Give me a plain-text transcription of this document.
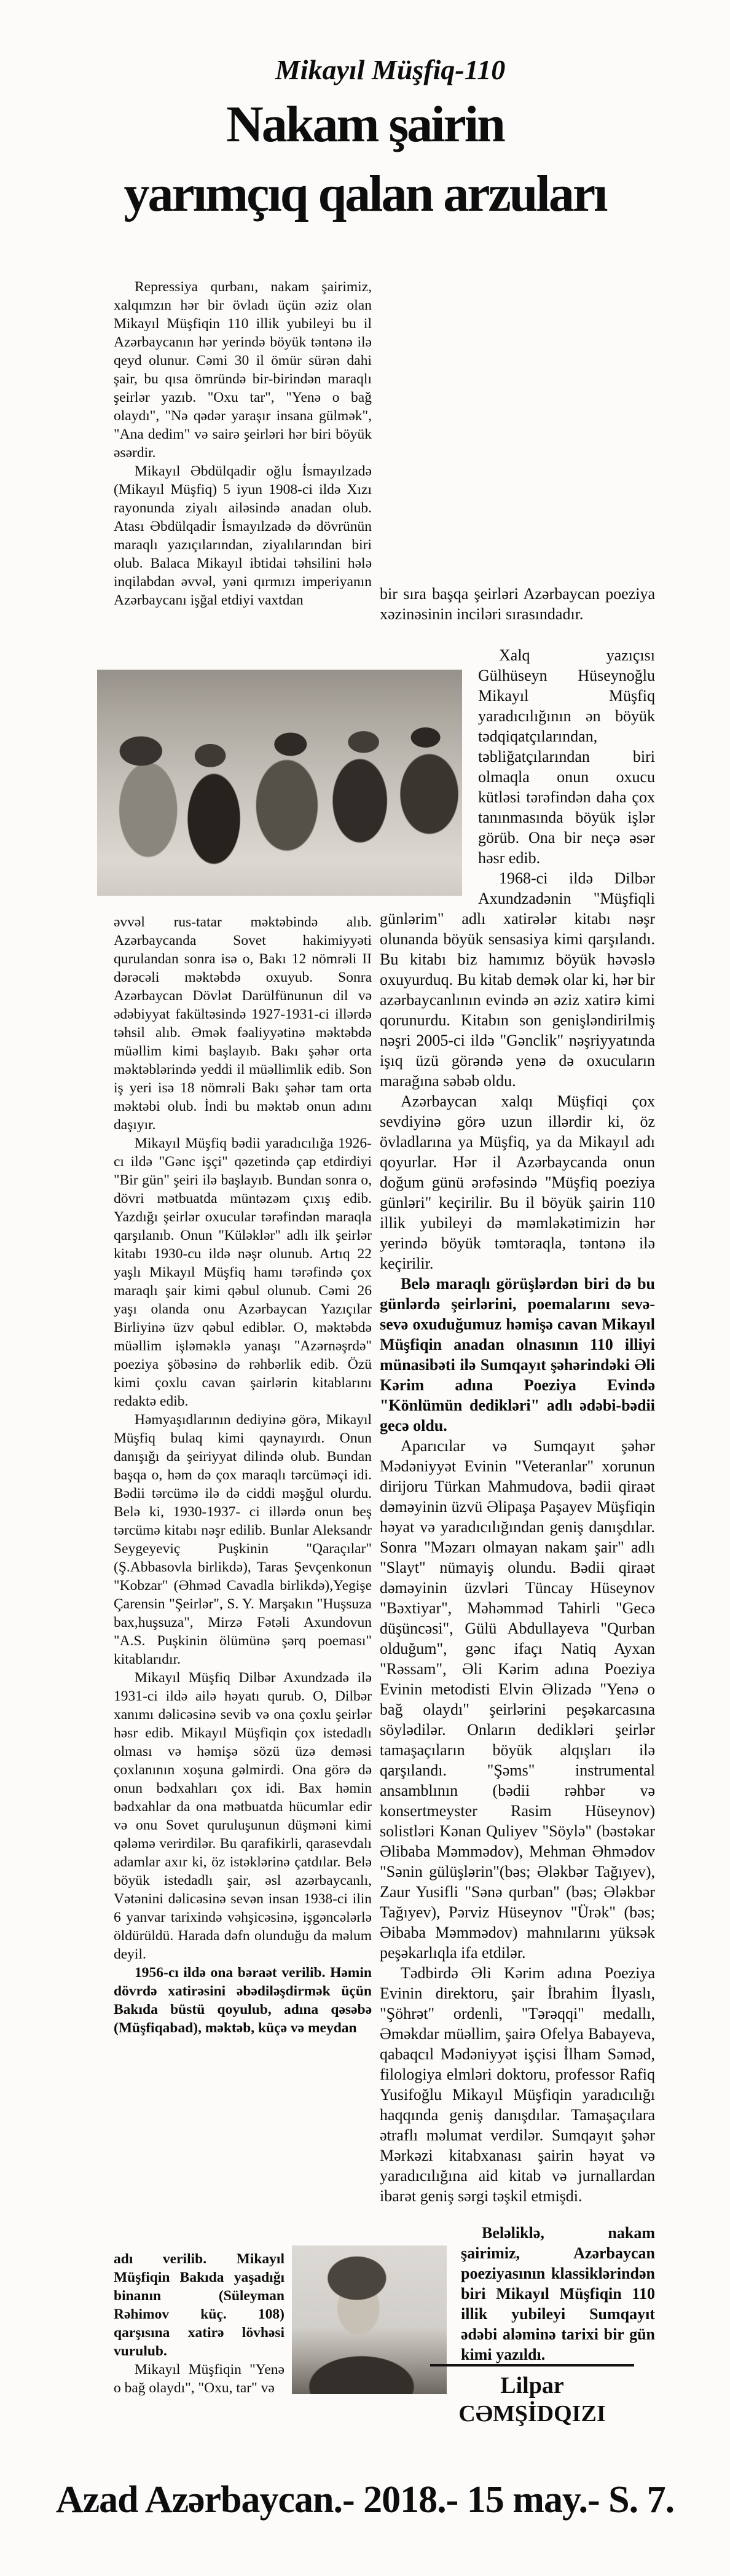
Mikayıl Müşfiq-110
Nakam şairin
yarımçıq qalan arzuları

Repressiya qurbanı, nakam şairimiz, xalqımzın hər bir övladı üçün əziz olan Mikayıl Müşfiqin 110 illik yubileyi bu il Azərbaycanın hər yerində böyük təntənə ilə qeyd olunur. Cəmi 30 il ömür sürən dahi şair, bu qısa ömründə bir-birindən maraqlı şeirlər yazıb. "Oxu tar", "Yenə o bağ olaydı", "Nə qədər yaraşır insana gülmək", "Ana dedim" və sairə şeirləri hər biri böyük əsərdir.

Mikayıl Əbdülqadir oğlu İsmayılzadə (Mikayıl Müşfiq) 5 iyun 1908-ci ildə Xızı rayonunda ziyalı ailəsində anadan olub. Atası Əbdülqadir İsmayılzadə də dövrünün maraqlı yazıçılarından, ziyalılarından biri olub. Balaca Mikayıl ibtidai təhsilini hələ inqilabdan əvvəl, yəni qırmızı imperiyanın Azərbaycanı işğal etdiyi vaxtdan	bir sıra başqa şeirləri Azərbaycan poeziya xəzinəsinin inciləri sırasındadır.

Xalq yazıçısı Gülhüseyn Hüseynoğlu Mikayıl Müşfiq yaradıcılığının ən böyük tədqiqatçılarından, təbliğatçılarından biri olmaqla onun oxucu kütləsi tərəfindən daha çox tanınmasında böyük işlər görüb. Ona bir neçə əsər həsr edib.

1968-ci ildə Dilbər Axundzadənin "Müşfiqli günlərim" adlı xatirələr kitabı nəşr olunanda böyük sensasiya kimi qarşılandı. Bu kitabı biz hamımız böyük həvəslə oxuyurduq. Bu kitab demək olar ki, hər bir azərbaycanlının evində ən əziz xatirə kimi qorunurdu. Kitabın son genişləndirilmiş nəşri 2005-ci ildə "Gənclik" nəşriyyatında işıq üzü görəndə yenə də oxucuların marağına səbəb oldu.

Azərbaycan xalqı Müşfiqi çox sevdiyinə görə uzun illərdir ki, öz övladlarına ya Müşfiq, ya da Mikayıl adı qoyurlar. Hər il Azərbaycanda onun doğum günü ərəfəsində "Müşfiq poeziya günləri" keçirilir. Bu il böyük şairin 110 illik yubileyi də məmləkətimizin hər yerində böyük təmtəraqla, təntənə ilə keçirilir.

Belə maraqlı görüşlərdən biri də bu günlərdə şeirlərini, poemalarını sevə-sevə oxuduğumuz həmişə cavan Mikayıl Müşfiqin anadan olnasının 110 illiyi münasibəti ilə Sumqayıt şəhərindəki Əli Kərim adına Poeziya Evində "Könlümün dedikləri" adlı ədəbi-bədii gecə oldu.

Aparıcılar və Sumqayıt şəhər Mədəniyyət Evinin "Veteranlar" xorunun dirijoru Türkan Mahmudova, bədii qiraət dəməyinin üzvü Əlipaşa Paşayev Müşfiqin həyat və yaradıcılığından geniş danışdılar. Sonra "Məzarı olmayan nakam şair" adlı "Slayt" nümayiş olundu. Bədii qiraət dəməyinin üzvləri Tüncay Hüseynov "Bəxtiyar", Məhəmməd Tahirli "Gecə düşüncəsi", Gülü Abdullayeva "Qurban olduğum", gənc ifaçı Natiq Ayxan "Rəssam", Əli Kərim adına Poeziya Evinin metodisti Elvin Əlizadə "Yenə o bağ olaydı" şeirlərini peşəkarcasına söylədilər. Onların dedikləri şeirlər tamaşaçıların böyük alqışları ilə qarşılandı. "Şəms" instrumental ansamblının (bədii rəhbər və konsertmeyster Rasim Hüseynov) solistləri Kənan Quliyev "Söylə" (bəstəkar Əlibaba Məmmədov), Mehman Əhmədov "Sənin gülüşlərin"(bəs; Ələkbər Tağıyev), Zaur Yusifli "Sənə qurban" (bəs; Ələkbər Tağıyev), Pərviz Hüseynov "Ürək" (bəs; Əibaba Məmmədov) mahnılarını yüksək peşəkarlıqla ifa etdilər.

Tədbirdə Əli Kərim adına Poeziya Evinin direktoru, şair İbrahim İlyaslı, "Şöhrət" ordenli, "Tərəqqi" medallı, Əməkdar müəllim, şairə Ofelya Babayeva, qabaqcıl Mədəniyyət işçisi İlham Səməd, filologiya elmləri doktoru, professor Rafiq Yusifoğlu Mikayıl Müşfiqin yaradıcılığı haqqında geniş danışdılar. Tamaşaçılara ətraflı məlumat verdilər. Sumqayıt şəhər Mərkəzi kitabxanası şairin həyat və yaradıcılığına aid kitab və jurnallardan ibarət geniş sərgi təşkil etmişdi.

əvvəl rus-tatar məktəbində alıb. Azərbaycanda Sovet hakimiyyəti qurulandan sonra isə o, Bakı 12 nömrəli II dərəcəli məktəbdə oxuyub. Sonra Azərbaycan Dövlət Darülfünunun dil və ədəbiyyat fakültəsində 1927-1931-ci illərdə təhsil alıb. Əmək fəaliyyətinə məktəbdə müəllim kimi başlayıb. Bakı şəhər orta məktəblərində yeddi il müəllimlik edib. Son iş yeri isə 18 nömrəli Bakı şəhər tam orta məktəbi olub. İndi bu məktəb onun adını daşıyır.

Mikayıl Müşfiq bədii yaradıcılığa 1926-cı ildə "Gənc işçi" qəzetində çap etdirdiyi "Bir gün" şeiri ilə başlayıb. Bundan sonra o, dövri mətbuatda müntəzəm çıxış edib. Yazdığı şeirlər oxucular tərəfindən maraqla qarşılanıb. Onun "Küləklər" adlı ilk şeirlər kitabı 1930-cu ildə nəşr olunub. Artıq 22 yaşlı Mikayıl Müşfiq hamı tərəfində çox maraqlı şair kimi qəbul olunub. Cəmi 26 yaşı olanda onu Azərbaycan Yazıçılar Birliyinə üzv qəbul ediblər. O, məktəbdə müəllim işləməklə yanaşı "Azərnəşrdə" poeziya şöbəsinə də rəhbərlik edib. Özü kimi çoxlu cavan şairlərin kitablarını redaktə edib.

Həmyaşıdlarının dediyinə görə, Mikayıl Müşfiq bulaq kimi qaynayırdı. Onun danışığı da şeiriyyat dilində olub. Bundan başqa o, həm də çox maraqlı tərcüməçi idi. Bədii tərcümə ilə də ciddi məşğul olurdu. Belə ki, 1930-1937- ci illərdə onun beş tərcümə kitabı nəşr edilib. Bunlar Aleksandr Seygeyeviç Puşkinin "Qaraçılar" (Ş.Abbasovla birlikdə), Taras Şevçenkonun "Kobzar" (Əhməd Cavadla birlikdə),Yegişe Çarensin "Şeirlər", S. Y. Marşakın "Huşsuza bax,huşsuza", Mirzə Fətəli Axundovun "A.S. Puşkinin ölümünə şərq poeması" kitablarıdır.

Mikayıl Müşfiq Dilbər Axundzadə ilə 1931-ci ildə ailə həyatı qurub. O, Dilbər xanımı dəlicəsinə sevib və ona çoxlu şeirlər həsr edib. Mikayıl Müşfiqin çox istedadlı olması və həmişə sözü üzə deməsi çoxlanının xoşuna gəlmirdi. Ona görə də onun bədxahları çox idi. Bax həmin bədxahlar da ona mətbuatda hücumlar edir və onu Sovet quruluşunun düşməni kimi qələmə verirdilər. Bu qarafikirli, qarasevdalı adamlar axır ki, öz istəklərinə çatdılar. Belə böyük istedadlı şair, əsl azərbaycanlı, Vətənini dəlicəsinə sevən insan 1938-ci ilin 6 yanvar tarixində vəhşicəsinə, işgəncələrlə öldürüldü. Harada dəfn olunduğu da məlum deyil.

1956-cı ildə ona bəraət verilib. Həmin dövrdə xatirəsini əbədiləşdirmək üçün Bakıda büstü qoyulub, adına qəsəbə (Müşfiqabad), məktəb, küçə və meydan

adı verilib. Mikayıl Müşfiqin Bakıda yaşadığı binanın (Süleyman Rəhimov küç. 108) qarşısına xatirə lövhəsi vurulub.

Mikayıl Müşfiqin "Yenə o bağ olaydı", "Oxu, tar" və

Beləliklə, nakam şairimiz, Azərbaycan poeziyasının klassiklərindən biri Mikayıl Müşfiqin 110 illik yubileyi Sumqayıt ədəbi aləminə tarixi bir gün kimi yazıldı.

Lilpar CƏMŞİDQIZI
Azad Azərbaycan.- 2018.- 15 may.- S. 7.
